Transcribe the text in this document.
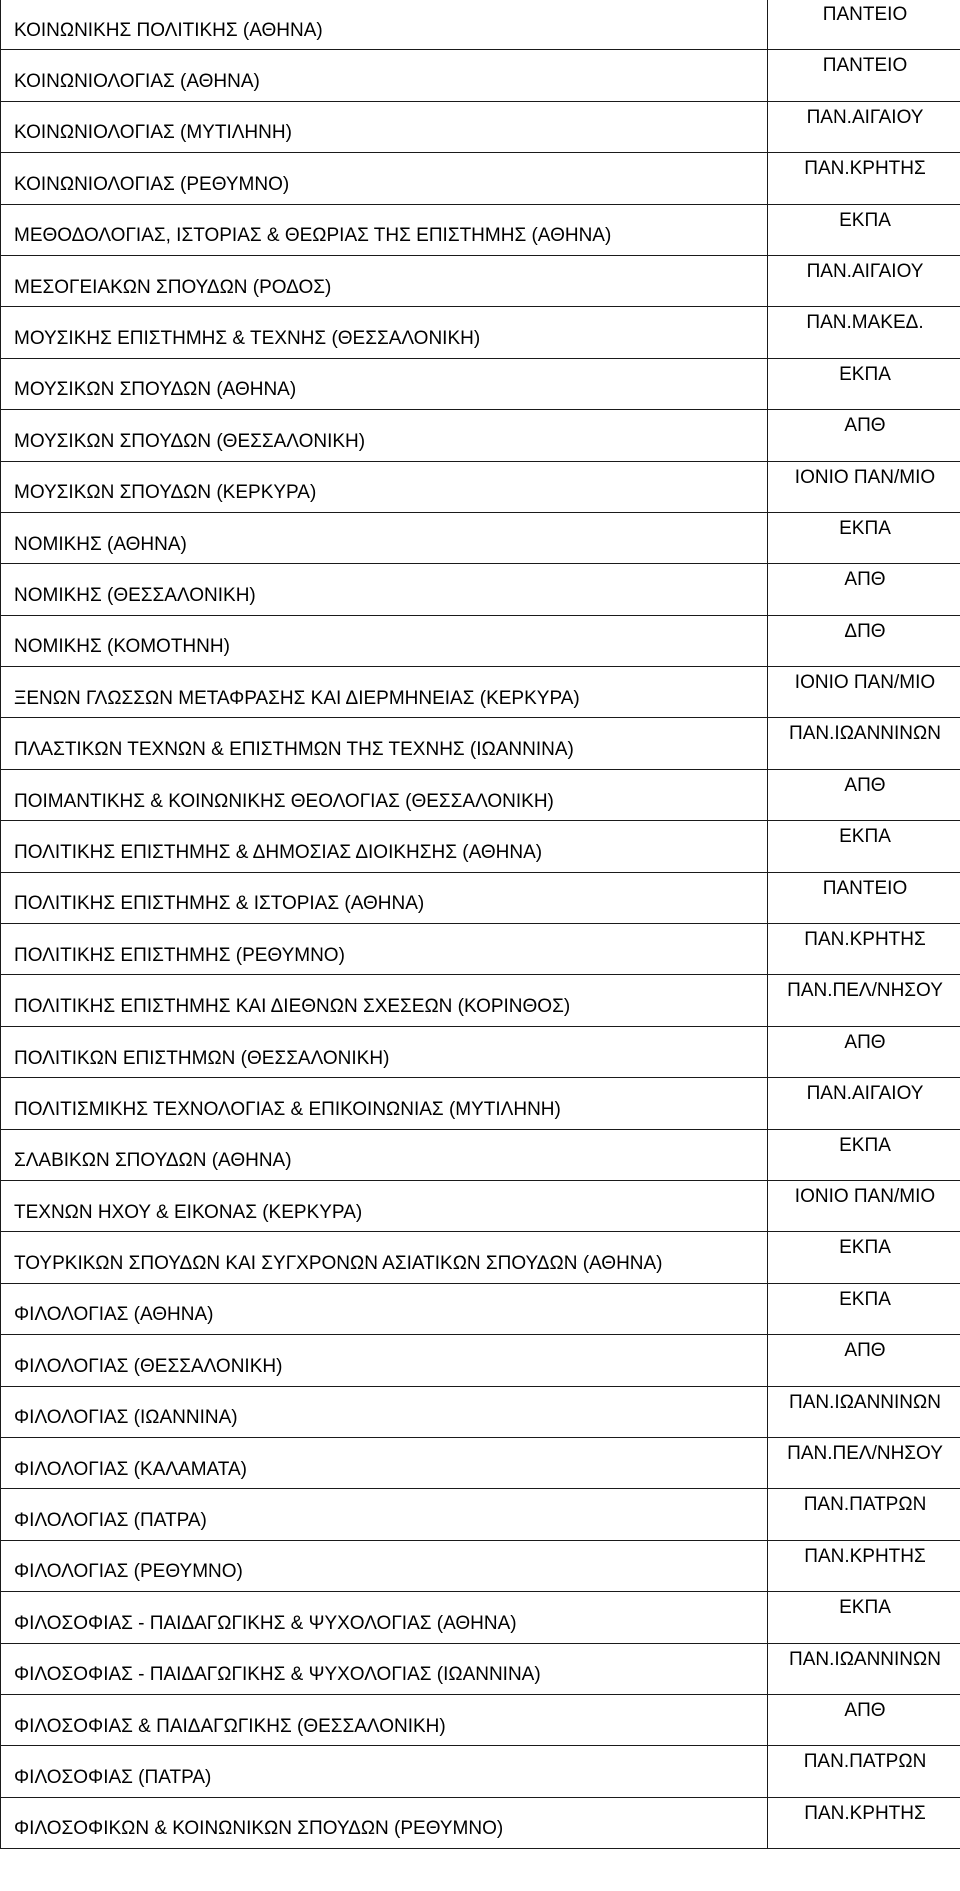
ΚΟΙΝΩΝΙΚΗΣ ΠΟΛΙΤΙΚΗΣ (ΑΘΗΝΑ)	ΠΑΝΤΕΙΟ
ΚΟΙΝΩΝΙΟΛΟΓΙΑΣ (ΑΘΗΝΑ)	ΠΑΝΤΕΙΟ
ΚΟΙΝΩΝΙΟΛΟΓΙΑΣ (ΜΥΤΙΛΗΝΗ)	ΠΑΝ.ΑΙΓΑΙΟΥ
ΚΟΙΝΩΝΙΟΛΟΓΙΑΣ (ΡΕΘΥΜΝΟ)	ΠΑΝ.ΚΡΗΤΗΣ
ΜΕΘΟΔΟΛΟΓΙΑΣ, ΙΣΤΟΡΙΑΣ & ΘΕΩΡΙΑΣ ΤΗΣ ΕΠΙΣΤΗΜΗΣ (ΑΘΗΝΑ)	ΕΚΠΑ
ΜΕΣΟΓΕΙΑΚΩΝ ΣΠΟΥΔΩΝ (ΡΟΔΟΣ)	ΠΑΝ.ΑΙΓΑΙΟΥ
ΜΟΥΣΙΚΗΣ ΕΠΙΣΤΗΜΗΣ & ΤΕΧΝΗΣ (ΘΕΣΣΑΛΟΝΙΚΗ)	ΠΑΝ.ΜΑΚΕΔ.
ΜΟΥΣΙΚΩΝ ΣΠΟΥΔΩΝ (ΑΘΗΝΑ)	ΕΚΠΑ
ΜΟΥΣΙΚΩΝ ΣΠΟΥΔΩΝ (ΘΕΣΣΑΛΟΝΙΚΗ)	ΑΠΘ
ΜΟΥΣΙΚΩΝ ΣΠΟΥΔΩΝ (ΚΕΡΚΥΡΑ)	ΙΟΝΙΟ ΠΑΝ/ΜΙΟ
ΝΟΜΙΚΗΣ (ΑΘΗΝΑ)	ΕΚΠΑ
ΝΟΜΙΚΗΣ (ΘΕΣΣΑΛΟΝΙΚΗ)	ΑΠΘ
ΝΟΜΙΚΗΣ (ΚΟΜΟΤΗΝΗ)	ΔΠΘ
ΞΕΝΩΝ ΓΛΩΣΣΩΝ ΜΕΤΑΦΡΑΣΗΣ ΚΑΙ ΔΙΕΡΜΗΝΕΙΑΣ (ΚΕΡΚΥΡΑ)	ΙΟΝΙΟ ΠΑΝ/ΜΙΟ
ΠΛΑΣΤΙΚΩΝ ΤΕΧΝΩΝ & ΕΠΙΣΤΗΜΩΝ ΤΗΣ ΤΕΧΝΗΣ (ΙΩΑΝΝΙΝΑ)	ΠΑΝ.ΙΩΑΝΝΙΝΩΝ
ΠΟΙΜΑΝΤΙΚΗΣ & ΚΟΙΝΩΝΙΚΗΣ ΘΕΟΛΟΓΙΑΣ (ΘΕΣΣΑΛΟΝΙΚΗ)	ΑΠΘ
ΠΟΛΙΤΙΚΗΣ ΕΠΙΣΤΗΜΗΣ & ΔΗΜΟΣΙΑΣ ΔΙΟΙΚΗΣΗΣ (ΑΘΗΝΑ)	ΕΚΠΑ
ΠΟΛΙΤΙΚΗΣ ΕΠΙΣΤΗΜΗΣ & ΙΣΤΟΡΙΑΣ (ΑΘΗΝΑ)	ΠΑΝΤΕΙΟ
ΠΟΛΙΤΙΚΗΣ ΕΠΙΣΤΗΜΗΣ (ΡΕΘΥΜΝΟ)	ΠΑΝ.ΚΡΗΤΗΣ
ΠΟΛΙΤΙΚΗΣ ΕΠΙΣΤΗΜΗΣ ΚΑΙ ΔΙΕΘΝΩΝ ΣΧΕΣΕΩΝ (ΚΟΡΙΝΘΟΣ)	ΠΑΝ.ΠΕΛ/ΝΗΣΟΥ
ΠΟΛΙΤΙΚΩΝ ΕΠΙΣΤΗΜΩΝ (ΘΕΣΣΑΛΟΝΙΚΗ)	ΑΠΘ
ΠΟΛΙΤΙΣΜΙΚΗΣ ΤΕΧΝΟΛΟΓΙΑΣ & ΕΠΙΚΟΙΝΩΝΙΑΣ (ΜΥΤΙΛΗΝΗ)	ΠΑΝ.ΑΙΓΑΙΟΥ
ΣΛΑΒΙΚΩΝ ΣΠΟΥΔΩΝ (ΑΘΗΝΑ)	ΕΚΠΑ
ΤΕΧΝΩΝ ΗΧΟΥ & ΕΙΚΟΝΑΣ (ΚΕΡΚΥΡΑ)	ΙΟΝΙΟ ΠΑΝ/ΜΙΟ
ΤΟΥΡΚΙΚΩΝ ΣΠΟΥΔΩΝ ΚΑΙ ΣΥΓΧΡΟΝΩΝ ΑΣΙΑΤΙΚΩΝ ΣΠΟΥΔΩΝ (ΑΘΗΝΑ)	ΕΚΠΑ
ΦΙΛΟΛΟΓΙΑΣ (ΑΘΗΝΑ)	ΕΚΠΑ
ΦΙΛΟΛΟΓΙΑΣ (ΘΕΣΣΑΛΟΝΙΚΗ)	ΑΠΘ
ΦΙΛΟΛΟΓΙΑΣ (ΙΩΑΝΝΙΝΑ)	ΠΑΝ.ΙΩΑΝΝΙΝΩΝ
ΦΙΛΟΛΟΓΙΑΣ (ΚΑΛΑΜΑΤΑ)	ΠΑΝ.ΠΕΛ/ΝΗΣΟΥ
ΦΙΛΟΛΟΓΙΑΣ (ΠΑΤΡΑ)	ΠΑΝ.ΠΑΤΡΩΝ
ΦΙΛΟΛΟΓΙΑΣ (ΡΕΘΥΜΝΟ)	ΠΑΝ.ΚΡΗΤΗΣ
ΦΙΛΟΣΟΦΙΑΣ - ΠΑΙΔΑΓΩΓΙΚΗΣ & ΨΥΧΟΛΟΓΙΑΣ (ΑΘΗΝΑ)	ΕΚΠΑ
ΦΙΛΟΣΟΦΙΑΣ - ΠΑΙΔΑΓΩΓΙΚΗΣ & ΨΥΧΟΛΟΓΙΑΣ (ΙΩΑΝΝΙΝΑ)	ΠΑΝ.ΙΩΑΝΝΙΝΩΝ
ΦΙΛΟΣΟΦΙΑΣ & ΠΑΙΔΑΓΩΓΙΚΗΣ (ΘΕΣΣΑΛΟΝΙΚΗ)	ΑΠΘ
ΦΙΛΟΣΟΦΙΑΣ (ΠΑΤΡΑ)	ΠΑΝ.ΠΑΤΡΩΝ
ΦΙΛΟΣΟΦΙΚΩΝ & ΚΟΙΝΩΝΙΚΩΝ ΣΠΟΥΔΩΝ (ΡΕΘΥΜΝΟ)	ΠΑΝ.ΚΡΗΤΗΣ
